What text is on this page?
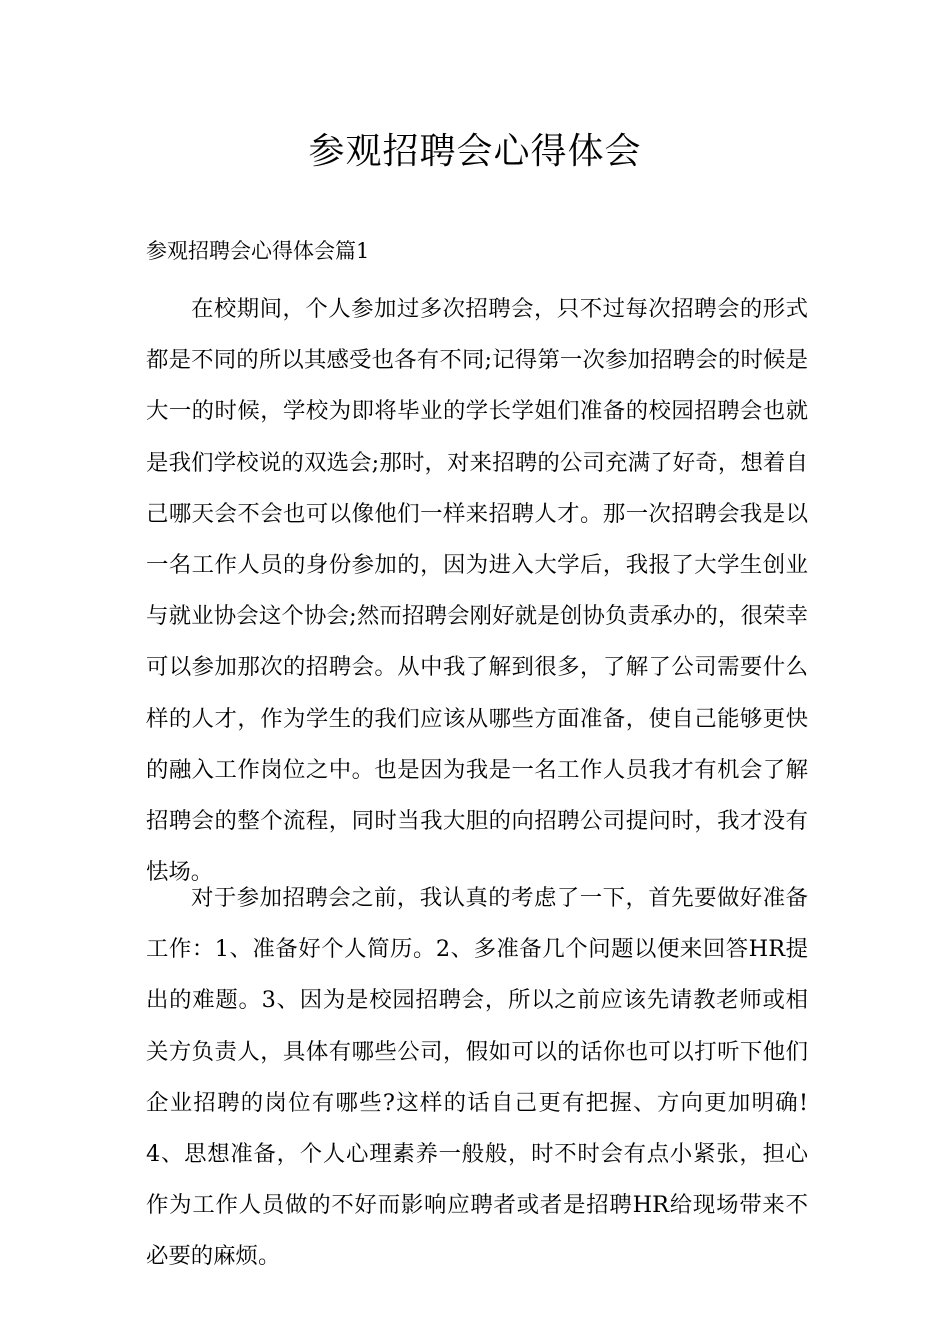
参观招聘会心得体会
参观招聘会心得体会篇1

在校期间，个人参加过多次招聘会，只不过每次招聘会的形式都是不同的所以其感受也各有不同;记得第一次参加招聘会的时候是大一的时候，学校为即将毕业的学长学姐们准备的校园招聘会也就是我们学校说的双选会;那时，对来招聘的公司充满了好奇，想着自己哪天会不会也可以像他们一样来招聘人才。那一次招聘会我是以一名工作人员的身份参加的，因为进入大学后，我报了大学生创业与就业协会这个协会;然而招聘会刚好就是创协负责承办的，很荣幸可以参加那次的招聘会。从中我了解到很多，了解了公司需要什么样的人才，作为学生的我们应该从哪些方面准备，使自己能够更快的融入工作岗位之中。也是因为我是一名工作人员我才有机会了解招聘会的整个流程，同时当我大胆的向招聘公司提问时，我才没有怯场。

对于参加招聘会之前，我认真的考虑了一下，首先要做好准备工作：1、准备好个人简历。2、多准备几个问题以便来回答HR提出的难题。3、因为是校园招聘会，所以之前应该先请教老师或相关方负责人，具体有哪些公司，假如可以的话你也可以打听下他们企业招聘的岗位有哪些?这样的话自己更有把握、方向更加明确!4、思想准备，个人心理素养一般般，时不时会有点小紧张，担心作为工作人员做的不好而影响应聘者或者是招聘HR给现场带来不必要的麻烦。
